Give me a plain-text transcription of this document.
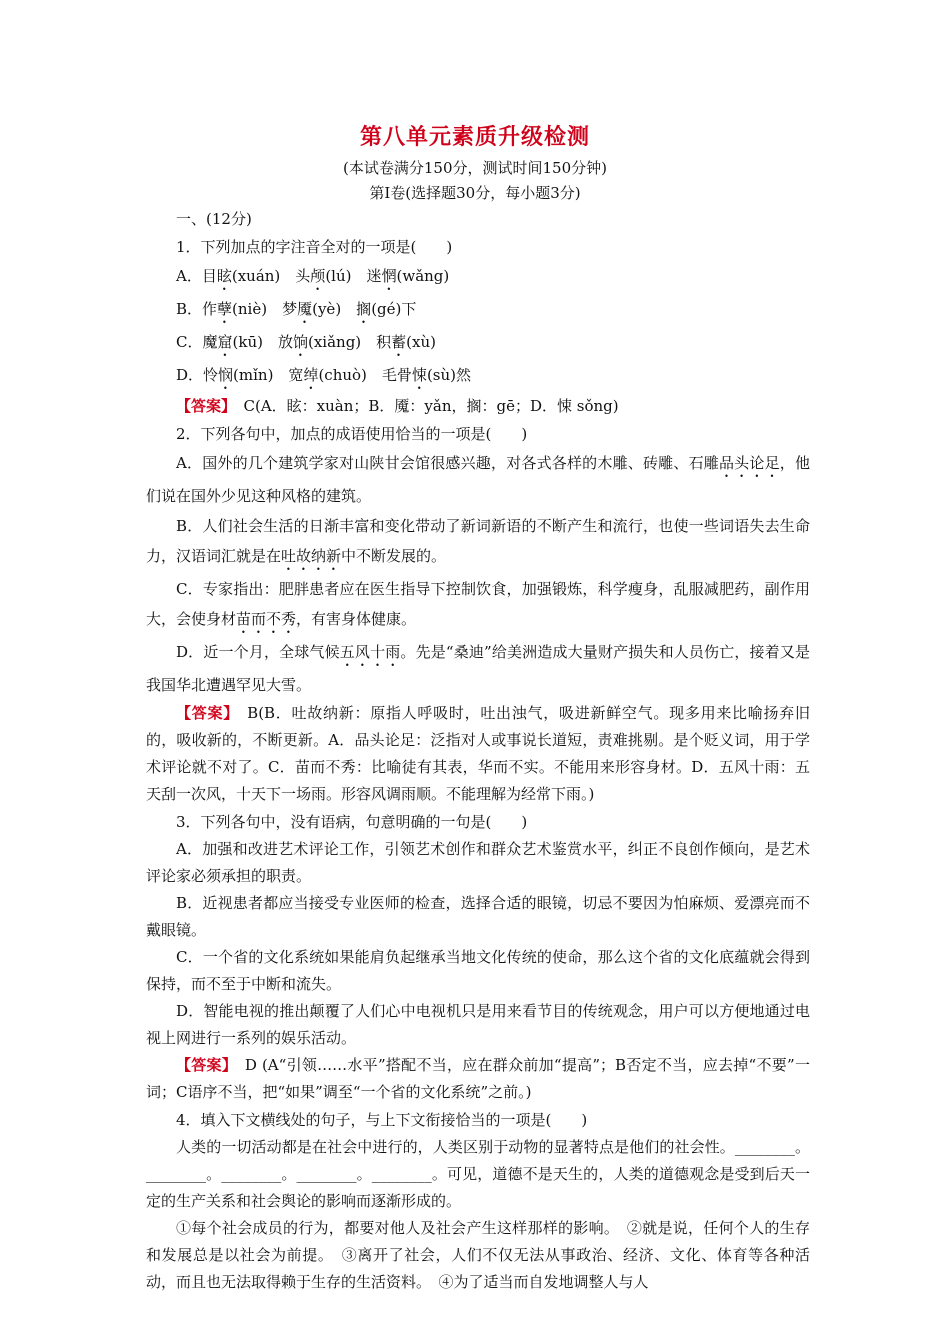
第八单元素质升级检测
(本试卷满分150分，测试时间150分钟)
第Ⅰ卷(选择题30分，每小题3分)

一、(12分)

1．下列加点的字注音全对的一项是(　　)

A．目眩(xuán)　头颅(lú)　迷惘(wǎng)

B．作孽(niè)　梦魇(yè)　搁(gé)下

C．魔窟(kū)　放饷(xiǎng)　积蓄(xù)

D．怜悯(mǐn)　宽绰(chuò)　毛骨悚(sù)然

【答案】　C(A．眩：xuàn；B．魇：yǎn，搁：gē；D．悚 sǒng)

2．下列各句中，加点的成语使用恰当的一项是(　　)

A．国外的几个建筑学家对山陕甘会馆很感兴趣，对各式各样的木雕、砖雕、石雕品头论足，他们说在国外少见这种风格的建筑。

B．人们社会生活的日渐丰富和变化带动了新词新语的不断产生和流行，也使一些词语失去生命力，汉语词汇就是在吐故纳新中不断发展的。

C．专家指出：肥胖患者应在医生指导下控制饮食，加强锻炼，科学瘦身，乱服减肥药，副作用大，会使身材苗而不秀，有害身体健康。

D．近一个月，全球气候五风十雨。先是“桑迪”给美洲造成大量财产损失和人员伤亡，接着又是我国华北遭遇罕见大雪。

【答案】　B(B．吐故纳新：原指人呼吸时，吐出浊气，吸进新鲜空气。现多用来比喻扬弃旧的，吸收新的，不断更新。A．品头论足：泛指对人或事说长道短，责难挑剔。是个贬义词，用于学术评论就不对了。C．苗而不秀：比喻徒有其表，华而不实。不能用来形容身材。D．五风十雨：五天刮一次风，十天下一场雨。形容风调雨顺。不能理解为经常下雨。)

3．下列各句中，没有语病，句意明确的一句是(　　)

A．加强和改进艺术评论工作，引领艺术创作和群众艺术鉴赏水平，纠正不良创作倾向，是艺术评论家必须承担的职责。

B．近视患者都应当接受专业医师的检查，选择合适的眼镜，切忌不要因为怕麻烦、爱漂亮而不戴眼镜。

C．一个省的文化系统如果能肩负起继承当地文化传统的使命，那么这个省的文化底蕴就会得到保持，而不至于中断和流失。

D．智能电视的推出颠覆了人们心中电视机只是用来看节目的传统观念，用户可以方便地通过电视上网进行一系列的娱乐活动。

【答案】　D (A“引领……水平”搭配不当，应在群众前加“提高”；B否定不当，应去掉“不要”一词；C语序不当，把“如果”调至“一个省的文化系统”之前。)

4．填入下文横线处的句子，与上下文衔接恰当的一项是(　　)

人类的一切活动都是在社会中进行的，人类区别于动物的显著特点是他们的社会性。________。________。________。________。________。可见，道德不是天生的，人类的道德观念是受到后天一定的生产关系和社会舆论的影响而逐渐形成的。

①每个社会成员的行为，都要对他人及社会产生这样那样的影响。　②就是说，任何个人的生存和发展总是以社会为前提。　③离开了社会，人们不仅无法从事政治、经济、文化、体育等各种活动，而且也无法取得赖于生存的生活资料。　④为了适当而自发地调整人与人
